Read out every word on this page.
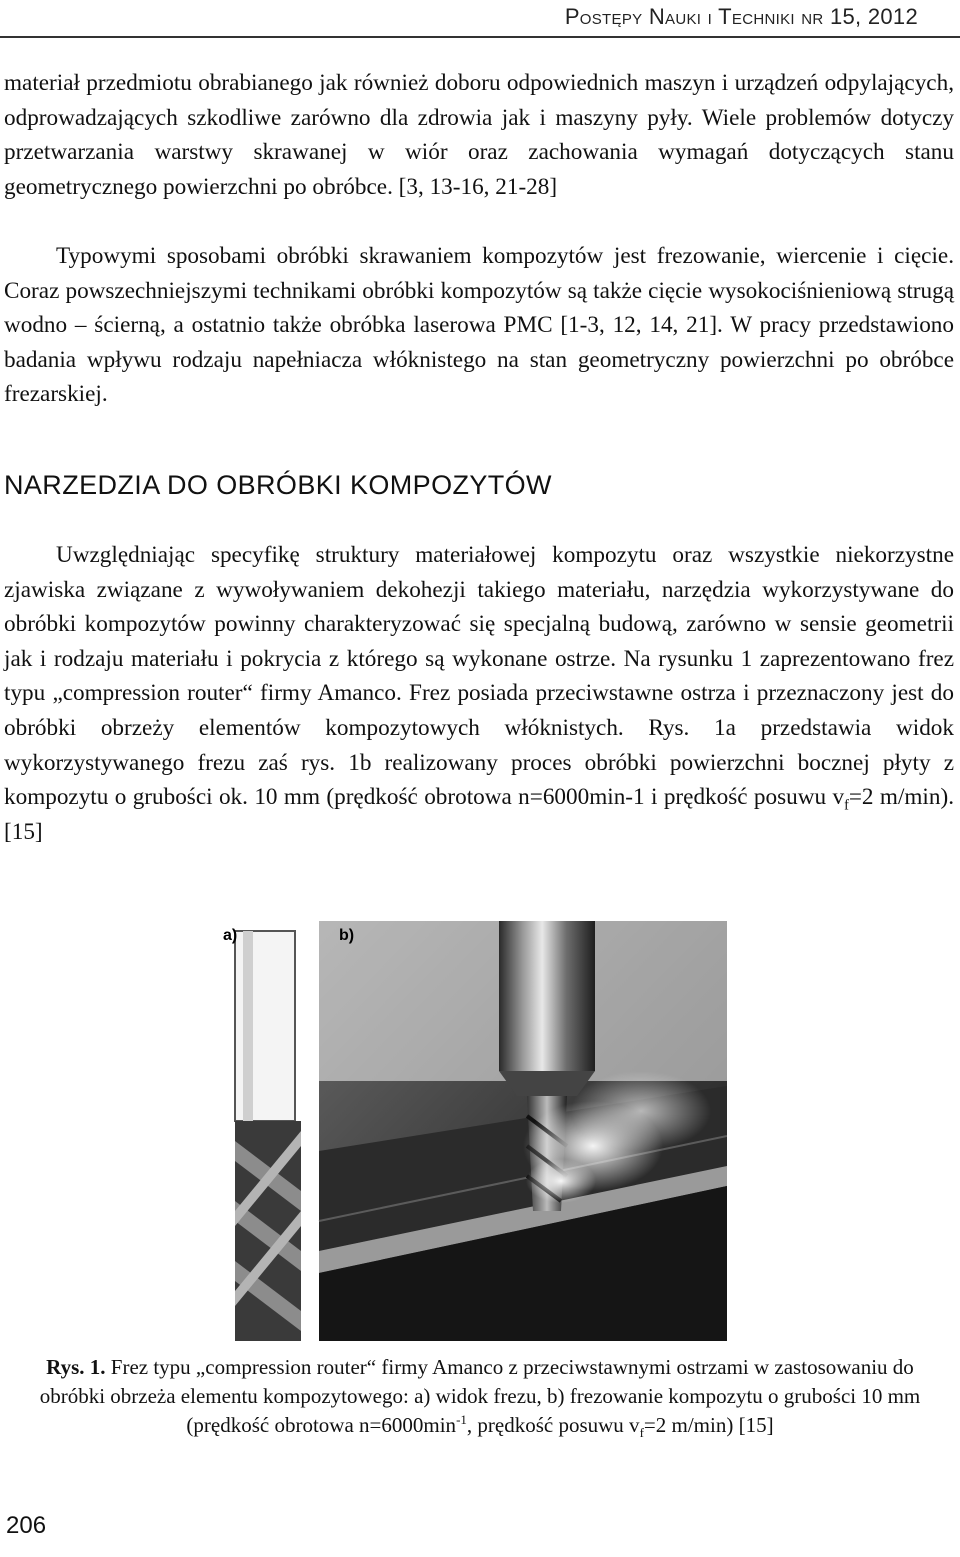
Postępy Nauki i Techniki nr 15, 2012

materiał przedmiotu obrabianego jak również doboru odpowiednich maszyn i urządzeń odpylających, odprowadzających szkodliwe zarówno dla zdrowia jak i maszyny pyły. Wiele problemów dotyczy przetwarzania warstwy skrawanej w wiór oraz zachowania wymagań dotyczących stanu geometrycznego powierzchni po obróbce. [3, 13-16, 21-28]

Typowymi sposobami obróbki skrawaniem kompozytów jest frezowanie, wiercenie i cięcie. Coraz powszechniejszymi technikami obróbki kompozytów są także cięcie wysokociśnieniową strugą wodno – ścierną, a ostatnio także obróbka laserowa PMC [1-3, 12, 14, 21]. W pracy przedstawiono badania wpływu rodzaju napełniacza włóknistego na stan geometryczny powierzchni po obróbce frezarskiej.

NARZEDZIA DO OBRÓBKI KOMPOZYTÓW

Uwzględniając specyfikę struktury materiałowej kompozytu oraz wszystkie niekorzystne zjawiska związane z wywoływaniem dekohezji takiego materiału, narzędzia wykorzystywane do obróbki kompozytów powinny charakteryzować się specjalną budową, zarówno w sensie geometrii jak i rodzaju materiału i pokrycia z którego są wykonane ostrze. Na rysunku 1 zaprezentowano frez typu „compression router“ firmy Amanco. Frez posiada przeciwstawne ostrza i przeznaczony jest do obróbki obrzeży elementów kompozytowych włóknistych. Rys. 1a przedstawia widok wykorzystywanego frezu zaś rys. 1b realizowany proces obróbki powierzchni bocznej płyty z kompozytu o grubości ok. 10 mm (prędkość obrotowa n=6000min-1 i prędkość posuwu $v_f=2$ m/min). [15]

a)	b)

Rys. 1. Frez typu „compression router“ firmy Amanco z przeciwstawnymi ostrzami w zastosowaniu do obróbki obrzeża elementu kompozytowego: a) widok frezu, b) frezowanie kompozytu o grubości 10 mm (prędkość obrotowa $n=6000\min^{-1}$, prędkość posuwu $v_f=2$ m/min) [15]

206
